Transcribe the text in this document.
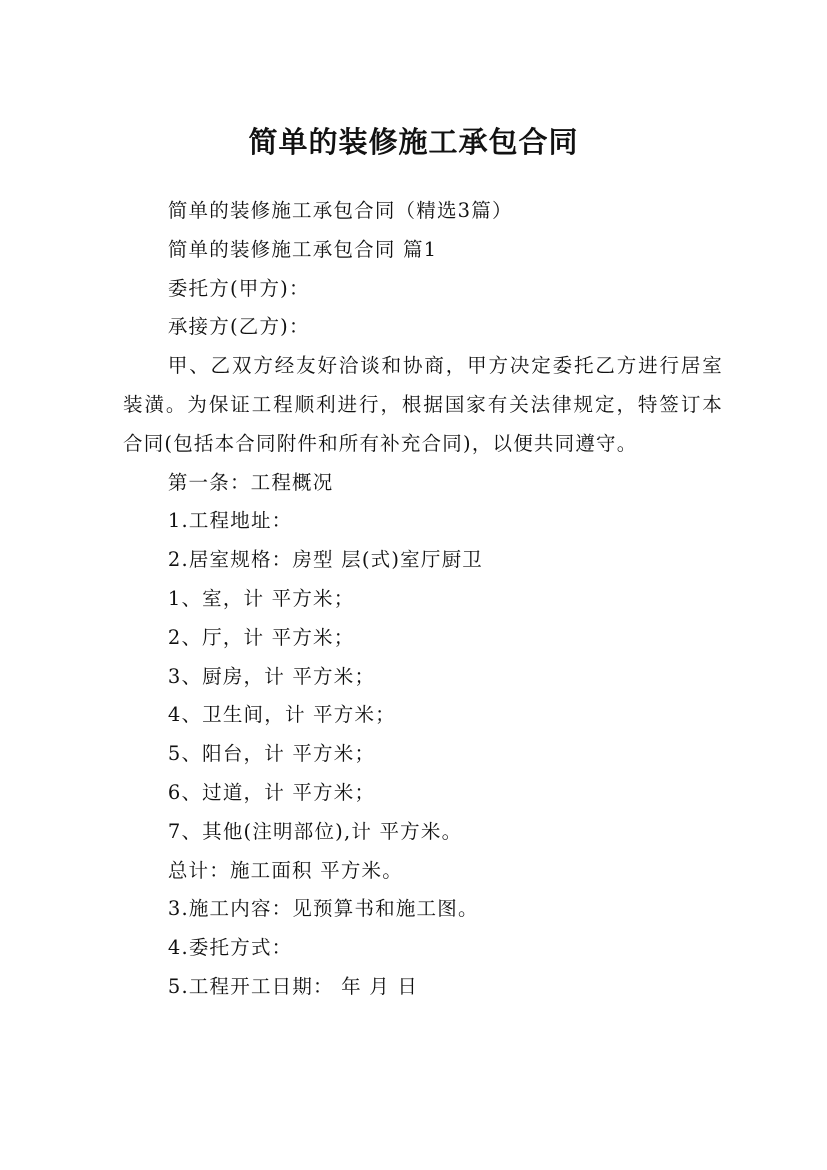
简单的装修施工承包合同

简单的装修施工承包合同（精选3篇）

简单的装修施工承包合同 篇1

委托方(甲方)：

承接方(乙方)：

甲、乙双方经友好洽谈和协商，甲方决定委托乙方进行居室装潢。为保证工程顺利进行，根据国家有关法律规定，特签订本合同(包括本合同附件和所有补充合同)，以便共同遵守。

第一条：工程概况

1.工程地址：

2.居室规格：房型 层(式)室厅厨卫

1、室，计 平方米；

2、厅，计 平方米；

3、厨房，计 平方米；

4、卫生间，计 平方米；

5、阳台，计 平方米；

6、过道，计 平方米；

7、其他(注明部位),计 平方米。

总计：施工面积 平方米。

3.施工内容：见预算书和施工图。

4.委托方式：

5.工程开工日期： 年 月 日
